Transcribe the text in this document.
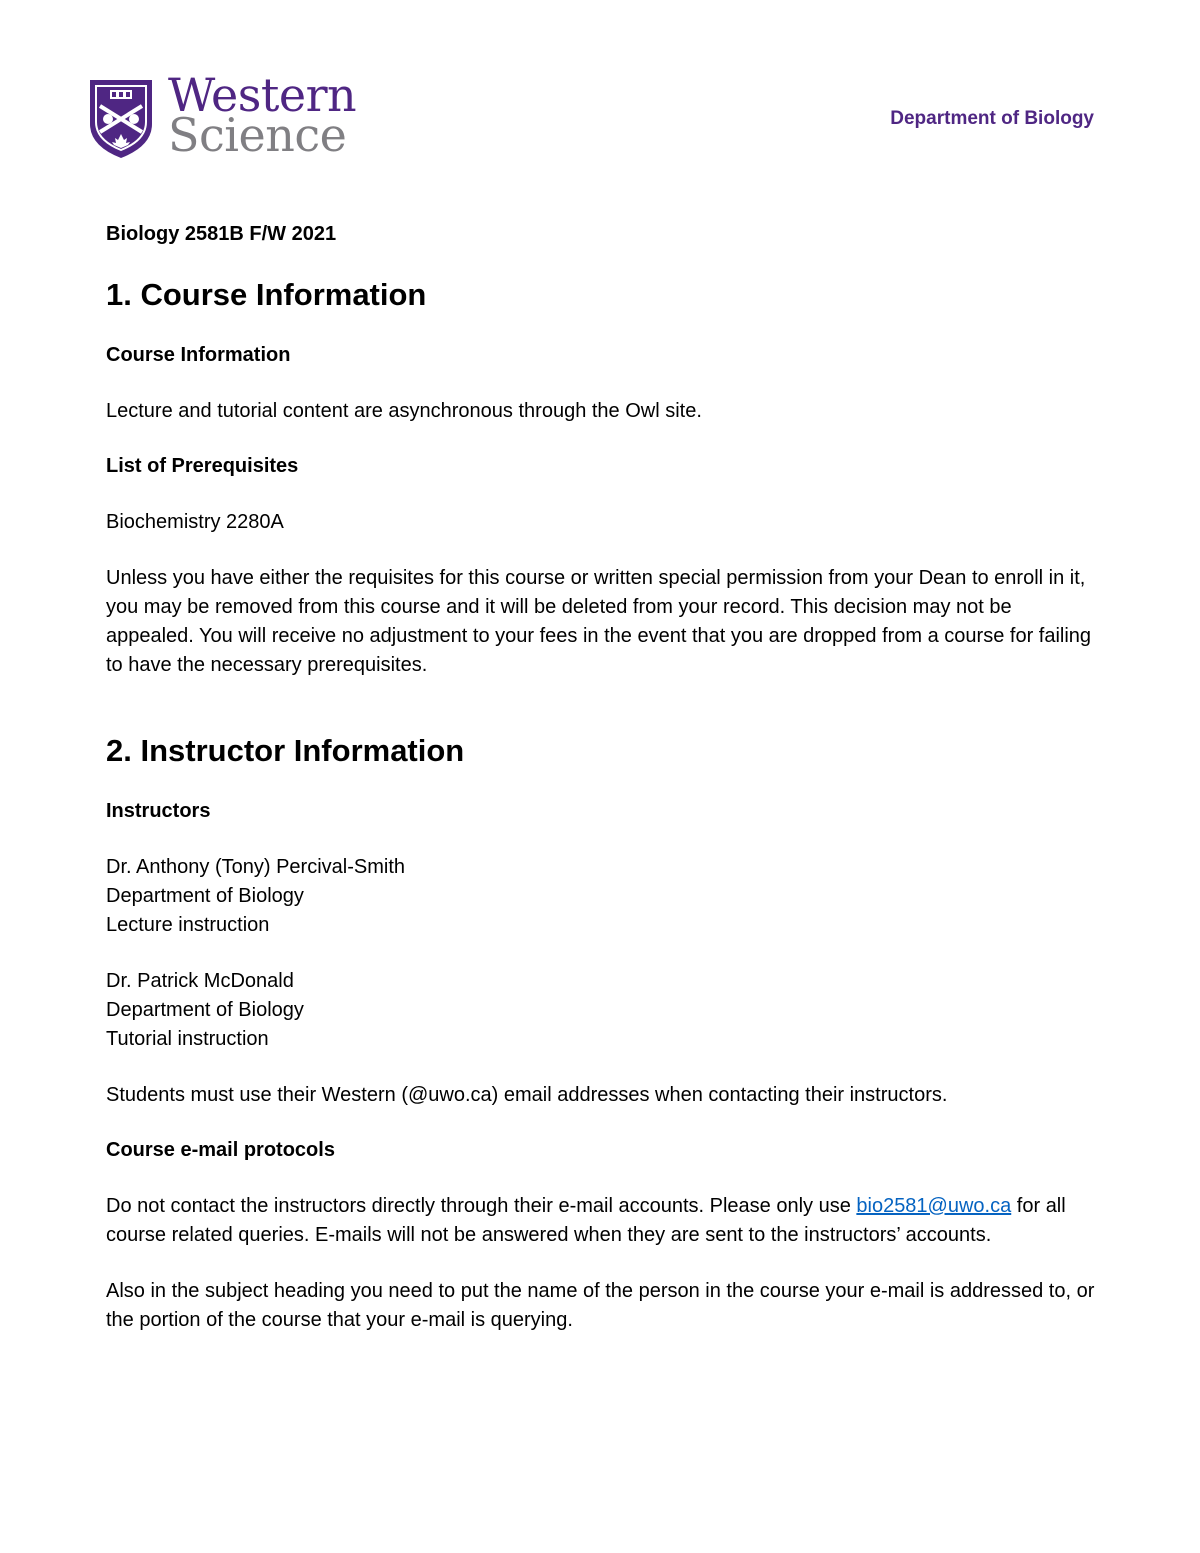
Western
Science	Department of Biology
Biology 2581B F/W 2021
1. Course Information
Course Information

Lecture and tutorial content are asynchronous through the Owl site.

List of Prerequisites

Biochemistry 2280A

Unless you have either the requisites for this course or written special permission from your Dean to enroll in it, you may be removed from this course and it will be deleted from your record. This decision may not be appealed. You will receive no adjustment to your fees in the event that you are dropped from a course for failing to have the necessary prerequisites.

2. Instructor Information
Instructors
Dr. Anthony (Tony) Percival-Smith
Department of Biology
Lecture instruction
Dr. Patrick McDonald
Department of Biology
Tutorial instruction

Students must use their Western (@uwo.ca) email addresses when contacting their instructors.

Course e-mail protocols

Do not contact the instructors directly through their e-mail accounts. Please only use bio2581@uwo.ca for all course related queries. E-mails will not be answered when they are sent to the instructors’ accounts.

Also in the subject heading you need to put the name of the person in the course your e-mail is addressed to, or the portion of the course that your e-mail is querying.
